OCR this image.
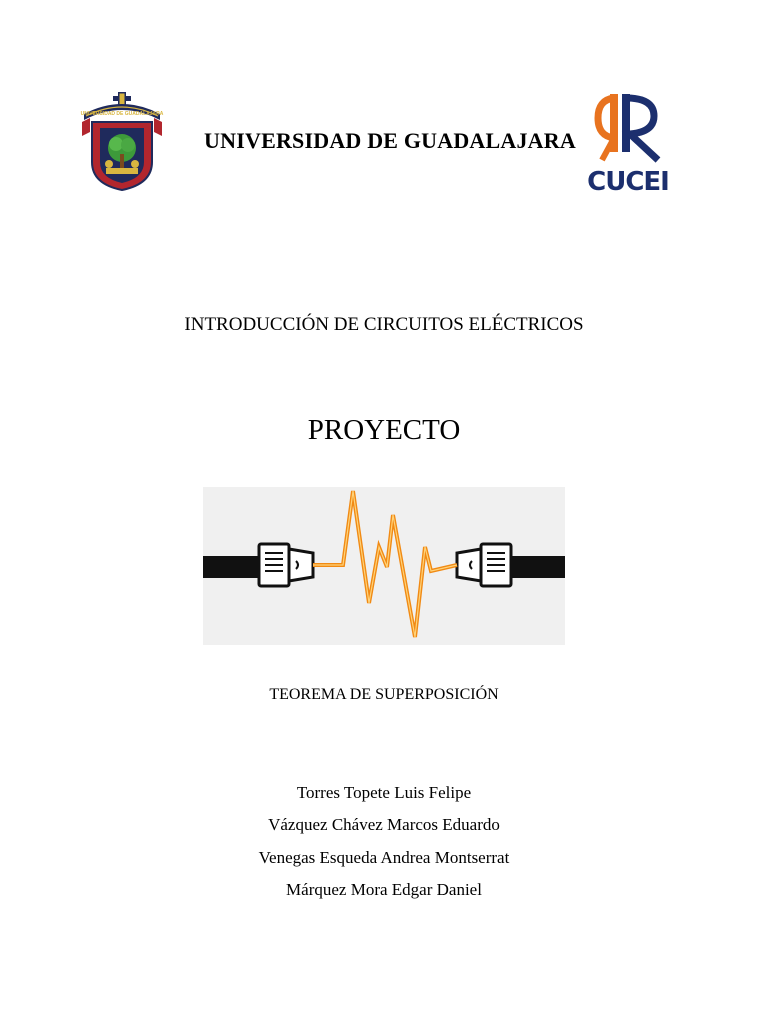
UNIVERSIDAD DE GUADALAJARA
UNIVERSIDAD DE GUADALAJARA
CUCEI
INTRODUCCIÓN DE CIRCUITOS ELÉCTRICOS
PROYECTO
TEOREMA DE SUPERPOSICIÓN
Torres Topete Luis Felipe
Vázquez Chávez Marcos Eduardo
Venegas Esqueda Andrea Montserrat
Márquez Mora Edgar Daniel
